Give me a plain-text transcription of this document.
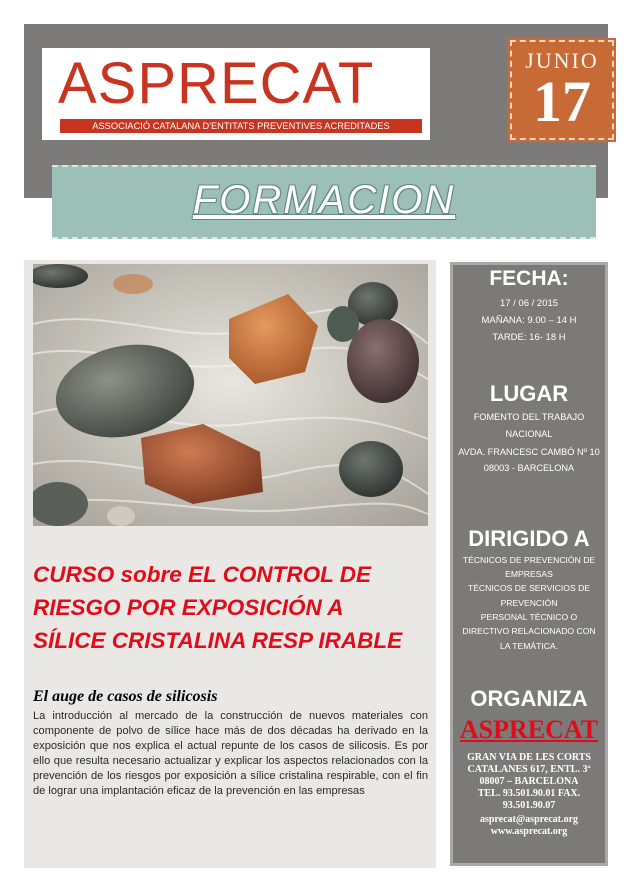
ASPRECAT
ASSOCIACIÓ CATALANA D'ENTITATS PREVENTIVES ACREDITADES
JUNIO
17
FORMACION
CURSO sobre EL CONTROL DE
RIESGO POR EXPOSICIÓN A
SÍLICE CRISTALINA RESP IRABLE
El auge de casos de silicosis

La introducción al mercado de la construcción de nuevos materiales con componente de polvo de sílice hace más de dos décadas ha derivado en la exposición que nos explica el actual repunte de los casos de silicosis. Es por ello que resulta necesario actualizar y explicar los aspectos relacionados con la prevención de los riesgos por exposición a sílice cristalina respirable, con el fin de lograr una implantación eficaz de la prevención en las empresas

FECHA:
17 / 06 / 2015
MAÑANA: 9.00 – 14 H
TARDE: 16- 18 H
LUGAR
FOMENTO DEL TRABAJO
NACIONAL
AVDA. FRANCESC CAMBÓ Nº 10
08003 - BARCELONA
DIRIGIDO A
TÉCNICOS DE PREVENCIÓN DE
EMPRESAS
TÉCNICOS DE SERVICIOS DE
PREVENCIÓN
PERSONAL TÉCNICO O
DIRECTIVO RELACIONADO CON
LA TEMÁTICA.
ORGANIZA
ASPRECAT
GRAN VIA DE LES CORTS
CATALANES 617, ENTL. 3ª
08007 – BARCELONA
TEL. 93.501.90.01 FAX.
93.501.90.07
asprecat@asprecat.org
www.asprecat.org
